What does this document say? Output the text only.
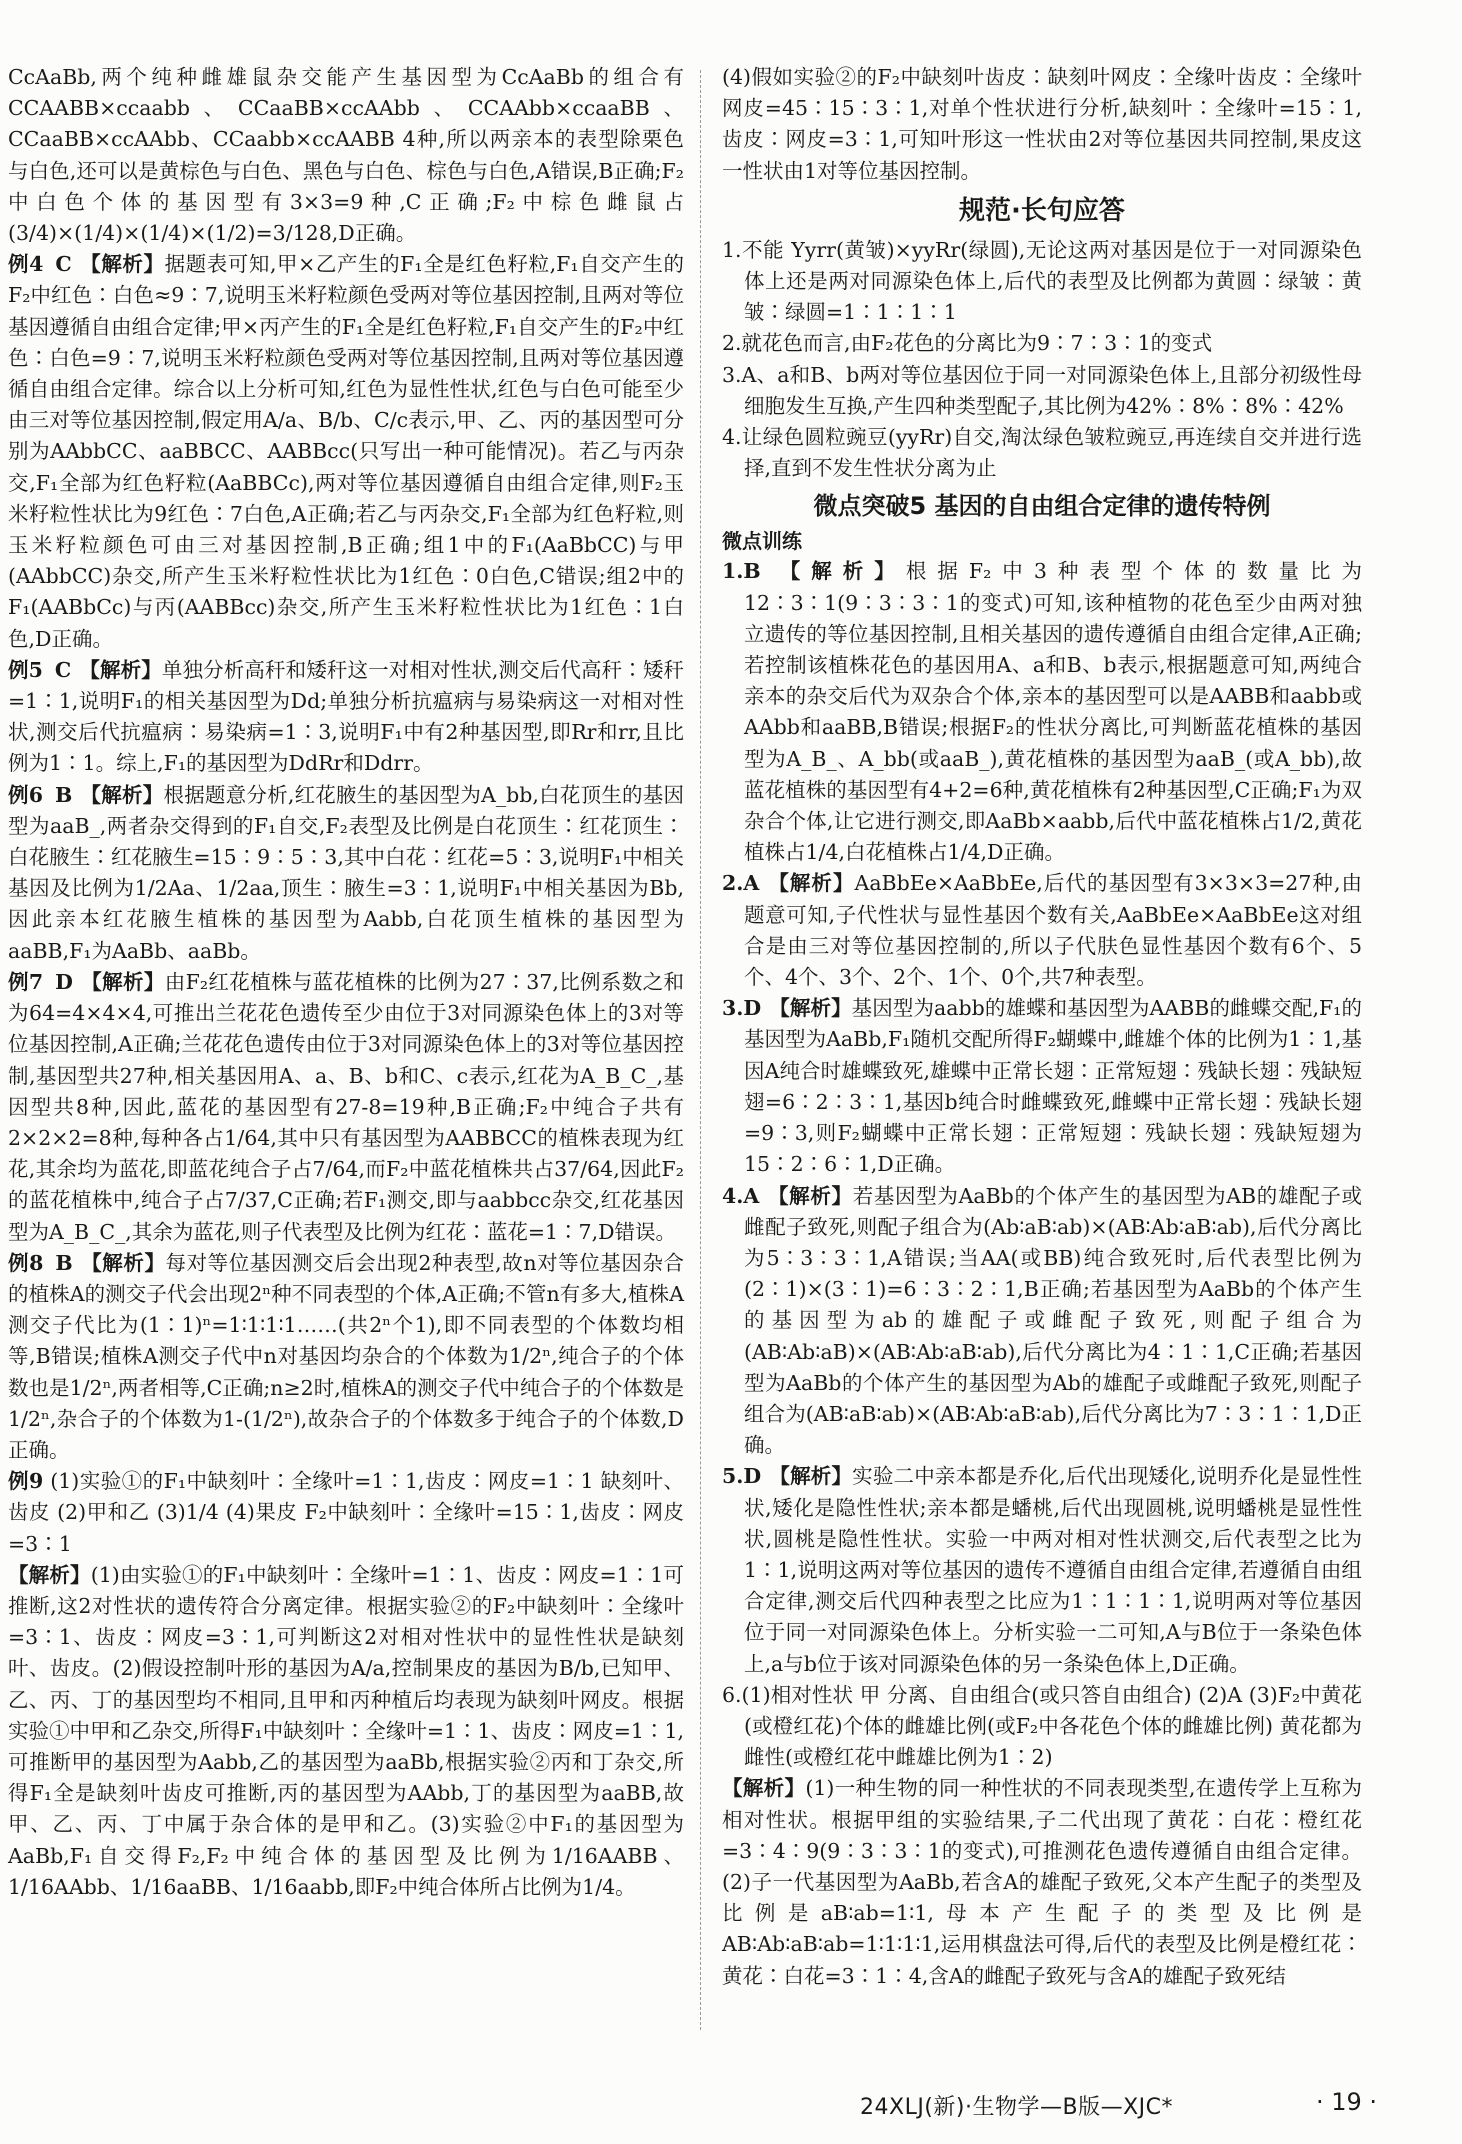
CcAaBb,两个纯种雌雄鼠杂交能产生基因型为CcAaBb的组合有CCAABB×ccaabb、CCaaBB×ccAAbb、CCAAbb×ccaaBB、CCaaBB×ccAAbb、CCaabb×ccAABB 4种,所以两亲本的表型除栗色与白色,还可以是黄棕色与白色、黑色与白色、棕色与白色,A错误,B正确;F₂中白色个体的基因型有3×3=9种,C正确;F₂中棕色雌鼠占(3/4)×(1/4)×(1/4)×(1/2)=3/128,D正确。

例4 C 【解析】据题表可知,甲×乙产生的F₁全是红色籽粒,F₁自交产生的F₂中红色∶白色≈9∶7,说明玉米籽粒颜色受两对等位基因控制,且两对等位基因遵循自由组合定律;甲×丙产生的F₁全是红色籽粒,F₁自交产生的F₂中红色∶白色=9∶7,说明玉米籽粒颜色受两对等位基因控制,且两对等位基因遵循自由组合定律。综合以上分析可知,红色为显性性状,红色与白色可能至少由三对等位基因控制,假定用A/a、B/b、C/c表示,甲、乙、丙的基因型可分别为AAbbCC、aaBBCC、AABBcc(只写出一种可能情况)。若乙与丙杂交,F₁全部为红色籽粒(AaBBCc),两对等位基因遵循自由组合定律,则F₂玉米籽粒性状比为9红色∶7白色,A正确;若乙与丙杂交,F₁全部为红色籽粒,则玉米籽粒颜色可由三对基因控制,B正确;组1中的F₁(AaBbCC)与甲(AAbbCC)杂交,所产生玉米籽粒性状比为1红色∶0白色,C错误;组2中的F₁(AABbCc)与丙(AABBcc)杂交,所产生玉米籽粒性状比为1红色∶1白色,D正确。

例5 C 【解析】单独分析高秆和矮秆这一对相对性状,测交后代高秆∶矮秆=1∶1,说明F₁的相关基因型为Dd;单独分析抗瘟病与易染病这一对相对性状,测交后代抗瘟病∶易染病=1∶3,说明F₁中有2种基因型,即Rr和rr,且比例为1∶1。综上,F₁的基因型为DdRr和Ddrr。

例6 B 【解析】根据题意分析,红花腋生的基因型为A_bb,白花顶生的基因型为aaB_,两者杂交得到的F₁自交,F₂表型及比例是白花顶生∶红花顶生∶白花腋生∶红花腋生=15∶9∶5∶3,其中白花∶红花=5∶3,说明F₁中相关基因及比例为1/2Aa、1/2aa,顶生∶腋生=3∶1,说明F₁中相关基因为Bb,因此亲本红花腋生植株的基因型为Aabb,白花顶生植株的基因型为aaBB,F₁为AaBb、aaBb。

例7 D 【解析】由F₂红花植株与蓝花植株的比例为27∶37,比例系数之和为64=4×4×4,可推出兰花花色遗传至少由位于3对同源染色体上的3对等位基因控制,A正确;兰花花色遗传由位于3对同源染色体上的3对等位基因控制,基因型共27种,相关基因用A、a、B、b和C、c表示,红花为A_B_C_,基因型共8种,因此,蓝花的基因型有27-8=19种,B正确;F₂中纯合子共有2×2×2=8种,每种各占1/64,其中只有基因型为AABBCC的植株表现为红花,其余均为蓝花,即蓝花纯合子占7/64,而F₂中蓝花植株共占37/64,因此F₂的蓝花植株中,纯合子占7/37,C正确;若F₁测交,即与aabbcc杂交,红花基因型为A_B_C_,其余为蓝花,则子代表型及比例为红花∶蓝花=1∶7,D错误。

例8 B 【解析】每对等位基因测交后会出现2种表型,故n对等位基因杂合的植株A的测交子代会出现2ⁿ种不同表型的个体,A正确;不管n有多大,植株A测交子代比为(1∶1)ⁿ=1∶1∶1∶1……(共2ⁿ个1),即不同表型的个体数均相等,B错误;植株A测交子代中n对基因均杂合的个体数为1/2ⁿ,纯合子的个体数也是1/2ⁿ,两者相等,C正确;n≥2时,植株A的测交子代中纯合子的个体数是1/2ⁿ,杂合子的个体数为1-(1/2ⁿ),故杂合子的个体数多于纯合子的个体数,D正确。

例9 (1)实验①的F₁中缺刻叶∶全缘叶=1∶1,齿皮∶网皮=1∶1 缺刻叶、齿皮 (2)甲和乙 (3)1/4 (4)果皮 F₂中缺刻叶∶全缘叶=15∶1,齿皮∶网皮=3∶1

【解析】(1)由实验①的F₁中缺刻叶∶全缘叶=1∶1、齿皮∶网皮=1∶1可推断,这2对性状的遗传符合分离定律。根据实验②的F₂中缺刻叶∶全缘叶=3∶1、齿皮∶网皮=3∶1,可判断这2对相对性状中的显性性状是缺刻叶、齿皮。(2)假设控制叶形的基因为A/a,控制果皮的基因为B/b,已知甲、乙、丙、丁的基因型均不相同,且甲和丙种植后均表现为缺刻叶网皮。根据实验①中甲和乙杂交,所得F₁中缺刻叶∶全缘叶=1∶1、齿皮∶网皮=1∶1,可推断甲的基因型为Aabb,乙的基因型为aaBb,根据实验②丙和丁杂交,所得F₁全是缺刻叶齿皮可推断,丙的基因型为AAbb,丁的基因型为aaBB,故甲、乙、丙、丁中属于杂合体的是甲和乙。(3)实验②中F₁的基因型为AaBb,F₁自交得F₂,F₂中纯合体的基因型及比例为1/16AABB、1/16AAbb、1/16aaBB、1/16aabb,即F₂中纯合体所占比例为1/4。

(4)假如实验②的F₂中缺刻叶齿皮∶缺刻叶网皮∶全缘叶齿皮∶全缘叶网皮=45∶15∶3∶1,对单个性状进行分析,缺刻叶∶全缘叶=15∶1,齿皮∶网皮=3∶1,可知叶形这一性状由2对等位基因共同控制,果皮这一性状由1对等位基因控制。

规范·长句应答

1.不能 Yyrr(黄皱)×yyRr(绿圆),无论这两对基因是位于一对同源染色体上还是两对同源染色体上,后代的表型及比例都为黄圆∶绿皱∶黄皱∶绿圆=1∶1∶1∶1

2.就花色而言,由F₂花色的分离比为9∶7∶3∶1的变式

3.A、a和B、b两对等位基因位于同一对同源染色体上,且部分初级性母细胞发生互换,产生四种类型配子,其比例为42%∶8%∶8%∶42%

4.让绿色圆粒豌豆(yyRr)自交,淘汰绿色皱粒豌豆,再连续自交并进行选择,直到不发生性状分离为止

微点突破5 基因的自由组合定律的遗传特例

微点训练

1.B 【解析】根据F₂中3种表型个体的数量比为12∶3∶1(9∶3∶3∶1的变式)可知,该种植物的花色至少由两对独立遗传的等位基因控制,且相关基因的遗传遵循自由组合定律,A正确;若控制该植株花色的基因用A、a和B、b表示,根据题意可知,两纯合亲本的杂交后代为双杂合个体,亲本的基因型可以是AABB和aabb或AAbb和aaBB,B错误;根据F₂的性状分离比,可判断蓝花植株的基因型为A_B_、A_bb(或aaB_),黄花植株的基因型为aaB_(或A_bb),故蓝花植株的基因型有4+2=6种,黄花植株有2种基因型,C正确;F₁为双杂合个体,让它进行测交,即AaBb×aabb,后代中蓝花植株占1/2,黄花植株占1/4,白花植株占1/4,D正确。

2.A 【解析】AaBbEe×AaBbEe,后代的基因型有3×3×3=27种,由题意可知,子代性状与显性基因个数有关,AaBbEe×AaBbEe这对组合是由三对等位基因控制的,所以子代肤色显性基因个数有6个、5个、4个、3个、2个、1个、0个,共7种表型。

3.D 【解析】基因型为aabb的雄蝶和基因型为AABB的雌蝶交配,F₁的基因型为AaBb,F₁随机交配所得F₂蝴蝶中,雌雄个体的比例为1∶1,基因A纯合时雄蝶致死,雄蝶中正常长翅∶正常短翅∶残缺长翅∶残缺短翅=6∶2∶3∶1,基因b纯合时雌蝶致死,雌蝶中正常长翅∶残缺长翅=9∶3,则F₂蝴蝶中正常长翅∶正常短翅∶残缺长翅∶残缺短翅为15∶2∶6∶1,D正确。

4.A 【解析】若基因型为AaBb的个体产生的基因型为AB的雄配子或雌配子致死,则配子组合为(Ab∶aB∶ab)×(AB∶Ab∶aB∶ab),后代分离比为5∶3∶3∶1,A错误;当AA(或BB)纯合致死时,后代表型比例为(2∶1)×(3∶1)=6∶3∶2∶1,B正确;若基因型为AaBb的个体产生的基因型为ab的雄配子或雌配子致死,则配子组合为(AB∶Ab∶aB)×(AB∶Ab∶aB∶ab),后代分离比为4∶1∶1,C正确;若基因型为AaBb的个体产生的基因型为Ab的雄配子或雌配子致死,则配子组合为(AB∶aB∶ab)×(AB∶Ab∶aB∶ab),后代分离比为7∶3∶1∶1,D正确。

5.D 【解析】实验二中亲本都是乔化,后代出现矮化,说明乔化是显性性状,矮化是隐性性状;亲本都是蟠桃,后代出现圆桃,说明蟠桃是显性性状,圆桃是隐性性状。实验一中两对相对性状测交,后代表型之比为1∶1,说明这两对等位基因的遗传不遵循自由组合定律,若遵循自由组合定律,测交后代四种表型之比应为1∶1∶1∶1,说明两对等位基因位于同一对同源染色体上。分析实验一二可知,A与B位于一条染色体上,a与b位于该对同源染色体的另一条染色体上,D正确。

6.(1)相对性状 甲 分离、自由组合(或只答自由组合) (2)A (3)F₂中黄花(或橙红花)个体的雌雄比例(或F₂中各花色个体的雌雄比例) 黄花都为雌性(或橙红花中雌雄比例为1∶2)

【解析】(1)一种生物的同一种性状的不同表现类型,在遗传学上互称为相对性状。根据甲组的实验结果,子二代出现了黄花∶白花∶橙红花=3∶4∶9(9∶3∶3∶1的变式),可推测花色遗传遵循自由组合定律。(2)子一代基因型为AaBb,若含A的雄配子致死,父本产生配子的类型及比例是aB∶ab=1∶1,母本产生配子的类型及比例是AB∶Ab∶aB∶ab=1∶1∶1∶1,运用棋盘法可得,后代的表型及比例是橙红花∶黄花∶白花=3∶1∶4,含A的雌配子致死与含A的雄配子致死结

24XLJ(新)·生物学—B版—XJC*	· 19 ·
